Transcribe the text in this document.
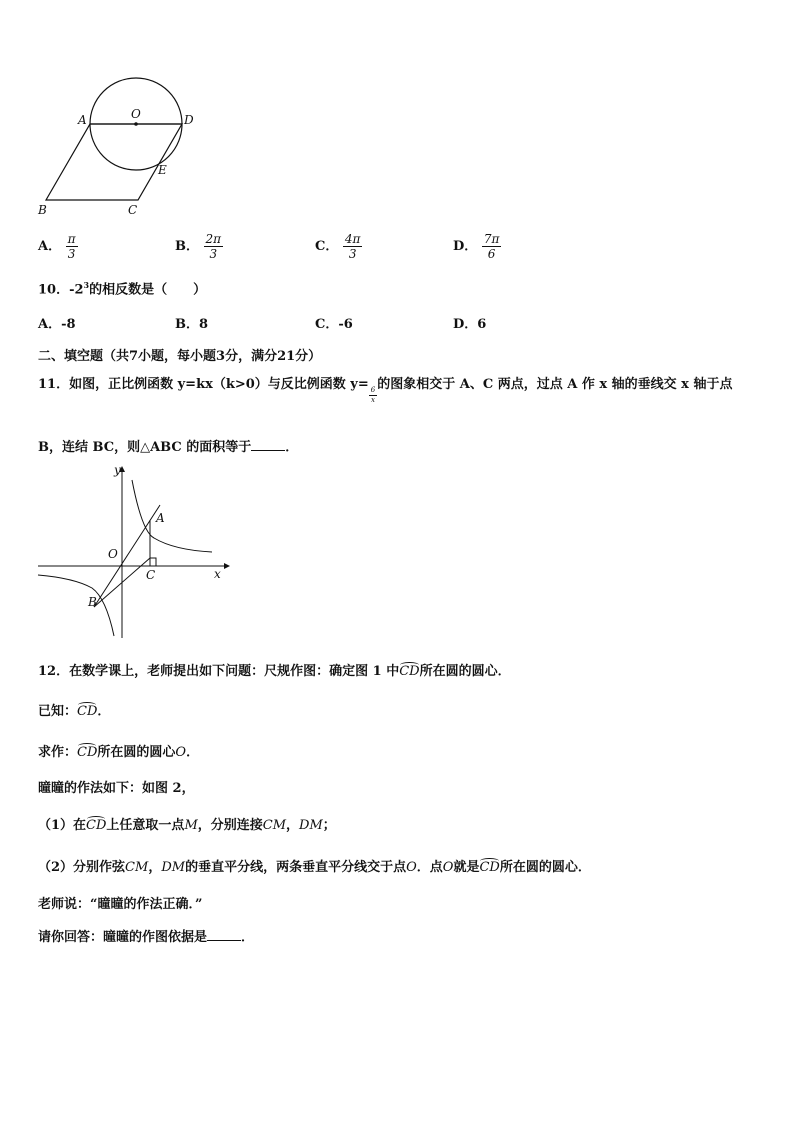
O
A	D
E
B	C
A． $\frac{\pi}{3}$	B． $\frac{2\pi}{3}$	C． $\frac{4\pi}{3}$	D． $\frac{7\pi}{6}$
10．$-2^3$的相反数是（　　）
A．-8	B．8	C．-6	D．6
二、填空题（共7小题，每小题3分，满分21分）
11．如图，正比例函数 y=kx（k>0）与反比例函数 y=
$\frac{6}{x}$
的图象相交于 A、C 两点，过点 A 作 x 轴的垂线交 x 轴于点
B，连结 BC，则△ABC 的面积等于	．
y
x
O
A
B
C
12．在数学课上，老师提出如下问题：尺规作图：确定图 1 中CD所在圆的圆心．
已知：CD．
求作：CD所在圆的圆心O．
曈曈的作法如下：如图 2，
（1）在CD上任意取一点M，分别连接CM，DM；
（2）分别作弦CM，DM的垂直平分线，两条垂直平分线交于点O．点O就是CD所在圆的圆心．
老师说：“曈曈的作法正确．”
请你回答：曈曈的作图依据是	．
